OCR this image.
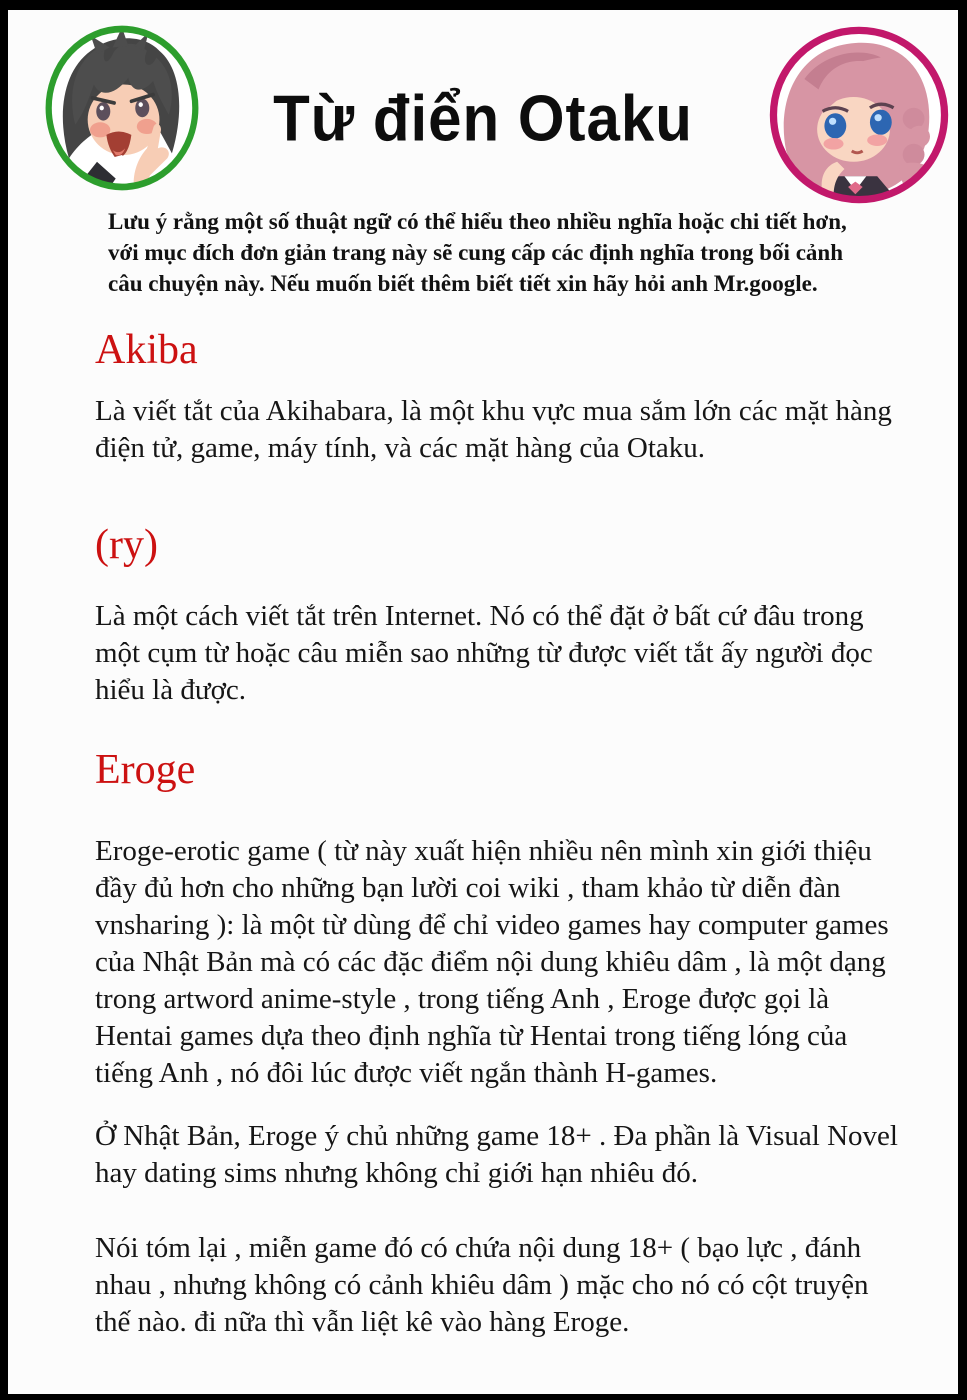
Từ điển Otaku
Lưu ý rằng một số thuật ngữ có thể hiểu theo nhiều nghĩa hoặc chi tiết hơn, với mục đích đơn giản trang này sẽ cung cấp các định nghĩa trong bối cảnh câu chuyện này. Nếu muốn biết thêm biết tiết xin hãy hỏi anh Mr.google.
Akiba
Là viết tắt của Akihabara, là một khu vực mua sắm lớn các mặt hàng điện tử, game, máy tính, và các mặt hàng của Otaku.
(ry)
Là một cách viết tắt trên Internet. Nó có thể đặt ở bất cứ đâu trong một cụm từ hoặc câu miễn sao những từ được viết tắt ấy người đọc hiểu là được.
Eroge
Eroge-erotic game ( từ này xuất hiện nhiều nên mình xin giới thiệu đầy đủ hơn cho những bạn lười coi wiki , tham khảo từ diễn đàn vnsharing ): là một từ dùng để chỉ video games hay computer games của Nhật Bản mà có các đặc điểm nội dung khiêu dâm , là một dạng trong artword anime-style , trong tiếng Anh , Eroge được gọi là Hentai games dựa theo định nghĩa từ Hentai trong tiếng lóng của tiếng Anh , nó đôi lúc được viết ngắn thành H-games.
Ở Nhật Bản, Eroge ý chủ những game 18+ . Đa phần là Visual Novel hay dating sims nhưng không chỉ giới hạn nhiêu đó.
Nói tóm lại , miễn game đó có chứa nội dung 18+ ( bạo lực , đánh nhau , nhưng không có cảnh khiêu dâm ) mặc cho nó có cột truyện thế nào. đi nữa thì vẫn liệt kê vào hàng Eroge.
